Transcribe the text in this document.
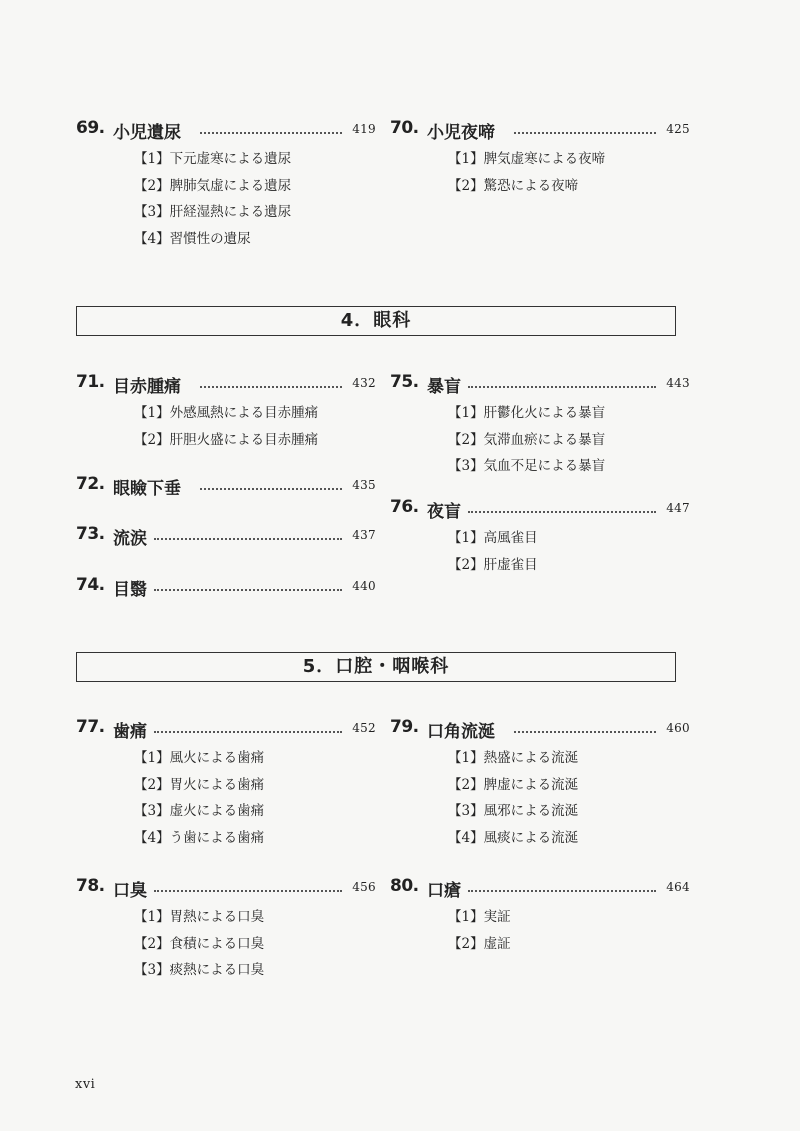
4．眼科
5．口腔・咽喉科
69. 小児遺尿	419
【1】下元虚寒による遺尿
【2】脾肺気虚による遺尿
【3】肝経湿熱による遺尿
【4】習慣性の遺尿
70. 小児夜啼	425
【1】脾気虚寒による夜啼
【2】驚恐による夜啼
71. 目赤腫痛	432
【1】外感風熱による目赤腫痛
【2】肝胆火盛による目赤腫痛
72. 眼瞼下垂	435
73. 流涙	437
74. 目翳	440
75. 暴盲	443
【1】肝鬱化火による暴盲
【2】気滞血瘀による暴盲
【3】気血不足による暴盲
76. 夜盲	447
【1】高風雀目
【2】肝虚雀目
77. 歯痛	452
【1】風火による歯痛
【2】胃火による歯痛
【3】虚火による歯痛
【4】う歯による歯痛
78. 口臭	456
【1】胃熱による口臭
【2】食積による口臭
【3】痰熱による口臭
79. 口角流涎	460
【1】熱盛による流涎
【2】脾虚による流涎
【3】風邪による流涎
【4】風痰による流涎
80. 口瘡	464
【1】実証
【2】虚証
xvi
